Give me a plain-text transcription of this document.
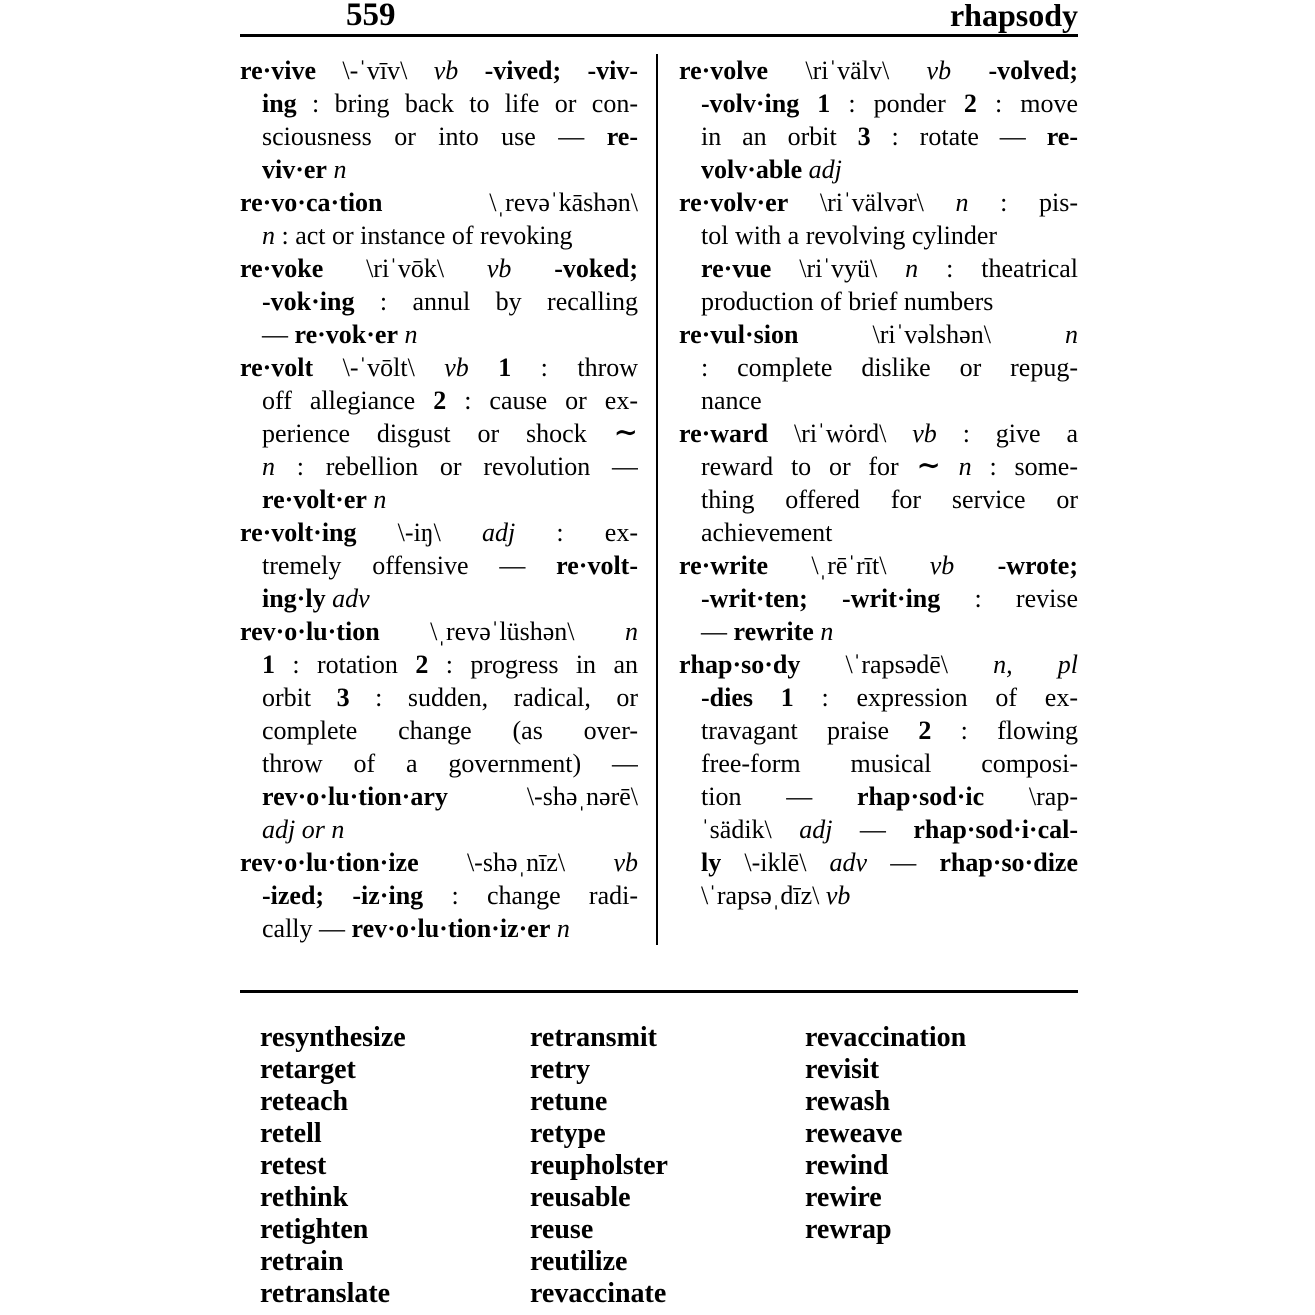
559	rhapsody
re·vive \-ˈvīv\ vb -vived; -viv-
ing : bring back to life or con-
sciousness or into use — re-
viv·er n
re·vo·ca·tion \ˌrevəˈkāshən\
n : act or instance of revoking
re·voke \riˈvōk\ vb -voked;
-vok·ing : annul by recalling
— re·vok·er n
re·volt \-ˈvōlt\ vb 1 : throw
off allegiance 2 : cause or ex-
perience disgust or shock ∼
n : rebellion or revolution —
re·volt·er n
re·volt·ing \-iŋ\ adj : ex-
tremely offensive — re·volt-
ing·ly adv
rev·o·lu·tion \ˌrevəˈlüshən\ n
1 : rotation 2 : progress in an
orbit 3 : sudden, radical, or
complete change (as over-
throw of a government) —
rev·o·lu·tion·ary \-shəˌnərē\
adj or n
rev·o·lu·tion·ize \-shəˌnīz\ vb
-ized; -iz·ing : change radi-
cally — rev·o·lu·tion·iz·er n
re·volve \riˈvälv\ vb -volved;
-volv·ing 1 : ponder 2 : move
in an orbit 3 : rotate — re-
volv·able adj
re·volv·er \riˈvälvər\ n : pis-
tol with a revolving cylinder
re·vue \riˈvyü\ n : theatrical
production of brief numbers
re·vul·sion \riˈvəlshən\ n
: complete dislike or repug-
nance
re·ward \riˈwȯrd\ vb : give a
reward to or for ∼ n : some-
thing offered for service or
achievement
re·write \ˌrēˈrīt\ vb -wrote;
-writ·ten; -writ·ing : revise
— rewrite n
rhap·so·dy \ˈrapsədē\ n, pl
-dies 1 : expression of ex-
travagant praise 2 : flowing
free-form musical composi-
tion — rhap·sod·ic \rap-
ˈsädik\ adj — rhap·sod·i·cal-
ly \-iklē\ adv — rhap·so·dize
\ˈrapsəˌdīz\ vb
resynthesize
retarget
reteach
retell
retest
rethink
retighten
retrain
retranslate
retransmit
retry
retune
retype
reupholster
reusable
reuse
reutilize
revaccinate
revaccination
revisit
rewash
reweave
rewind
rewire
rewrap
